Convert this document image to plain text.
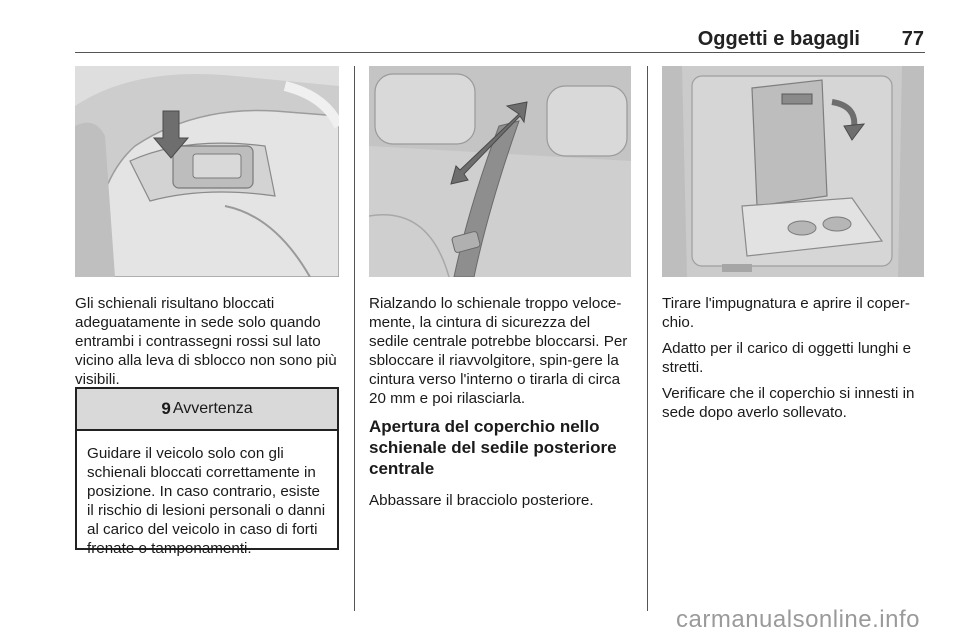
Oggetti e bagagli 77

Gli schienali risultano bloccati adeguatamente in sede solo quando entrambi i contrassegni rossi sul lato vicino alla leva di sblocco non sono più visibili.

9 Avvertenza
Guidare il veicolo solo con gli schienali bloccati correttamente in posizione. In caso contrario, esiste il rischio di lesioni personali o danni al carico del veicolo in caso di forti frenate o tamponamenti.

Rialzando lo schienale troppo veloce-mente, la cintura di sicurezza del sedile centrale potrebbe bloccarsi. Per sbloccare il riavvolgitore, spin-gere la cintura verso l'interno o tirarla di circa 20 mm e poi rilasciarla.

Apertura del coperchio nello schienale del sedile posteriore centrale

Abbassare il bracciolo posteriore.

Tirare l'impugnatura e aprire il coper-chio.

Adatto per il carico di oggetti lunghi e stretti.

Verificare che il coperchio si innesti in sede dopo averlo sollevato.

carmanualsonline.info
